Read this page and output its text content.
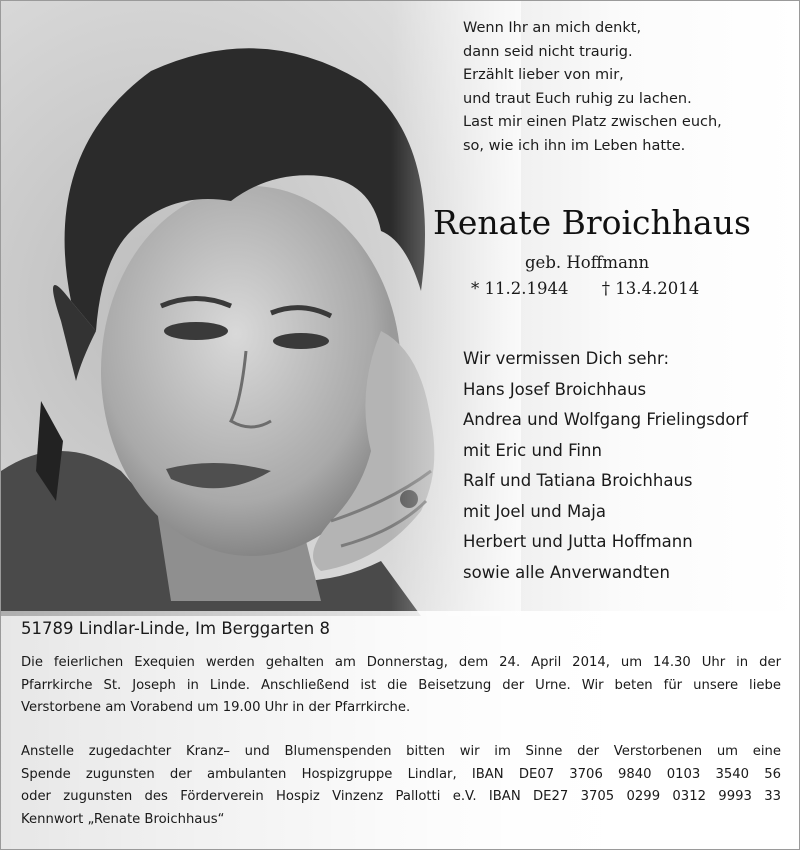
Wenn Ihr an mich denkt,
dann seid nicht traurig.
Erzählt lieber von mir,
und traut Euch ruhig zu lachen.
Last mir einen Platz zwischen euch,
so, wie ich ihn im Leben hatte.
Renate Broichhaus
geb. Hoffmann
* 11.2.1944 † 13.4.2014
Wir vermissen Dich sehr:
Hans Josef Broichhaus
Andrea und Wolfgang Frielingsdorf
mit Eric und Finn
Ralf und Tatiana Broichhaus
mit Joel und Maja
Herbert und Jutta Hoffmann
sowie alle Anverwandten
51789 Lindlar-Linde, Im Berggarten 8
Die feierlichen Exequien werden gehalten am Donnerstag, dem 24. April 2014, um 14.30 Uhr in der
Pfarrkirche St. Joseph in Linde. Anschließend ist die Beisetzung der Urne. Wir beten für unsere liebe
Verstorbene am Vorabend um 19.00 Uhr in der Pfarrkirche.
Anstelle zugedachter Kranz– und Blumenspenden bitten wir im Sinne der Verstorbenen um eine
Spende zugunsten der ambulanten Hospizgruppe Lindlar, IBAN DE07 3706 9840 0103 3540 56
oder zugunsten des Förderverein Hospiz Vinzenz Pallotti e.V. IBAN DE27 3705 0299 0312 9993 33
Kennwort „Renate Broichhaus“
